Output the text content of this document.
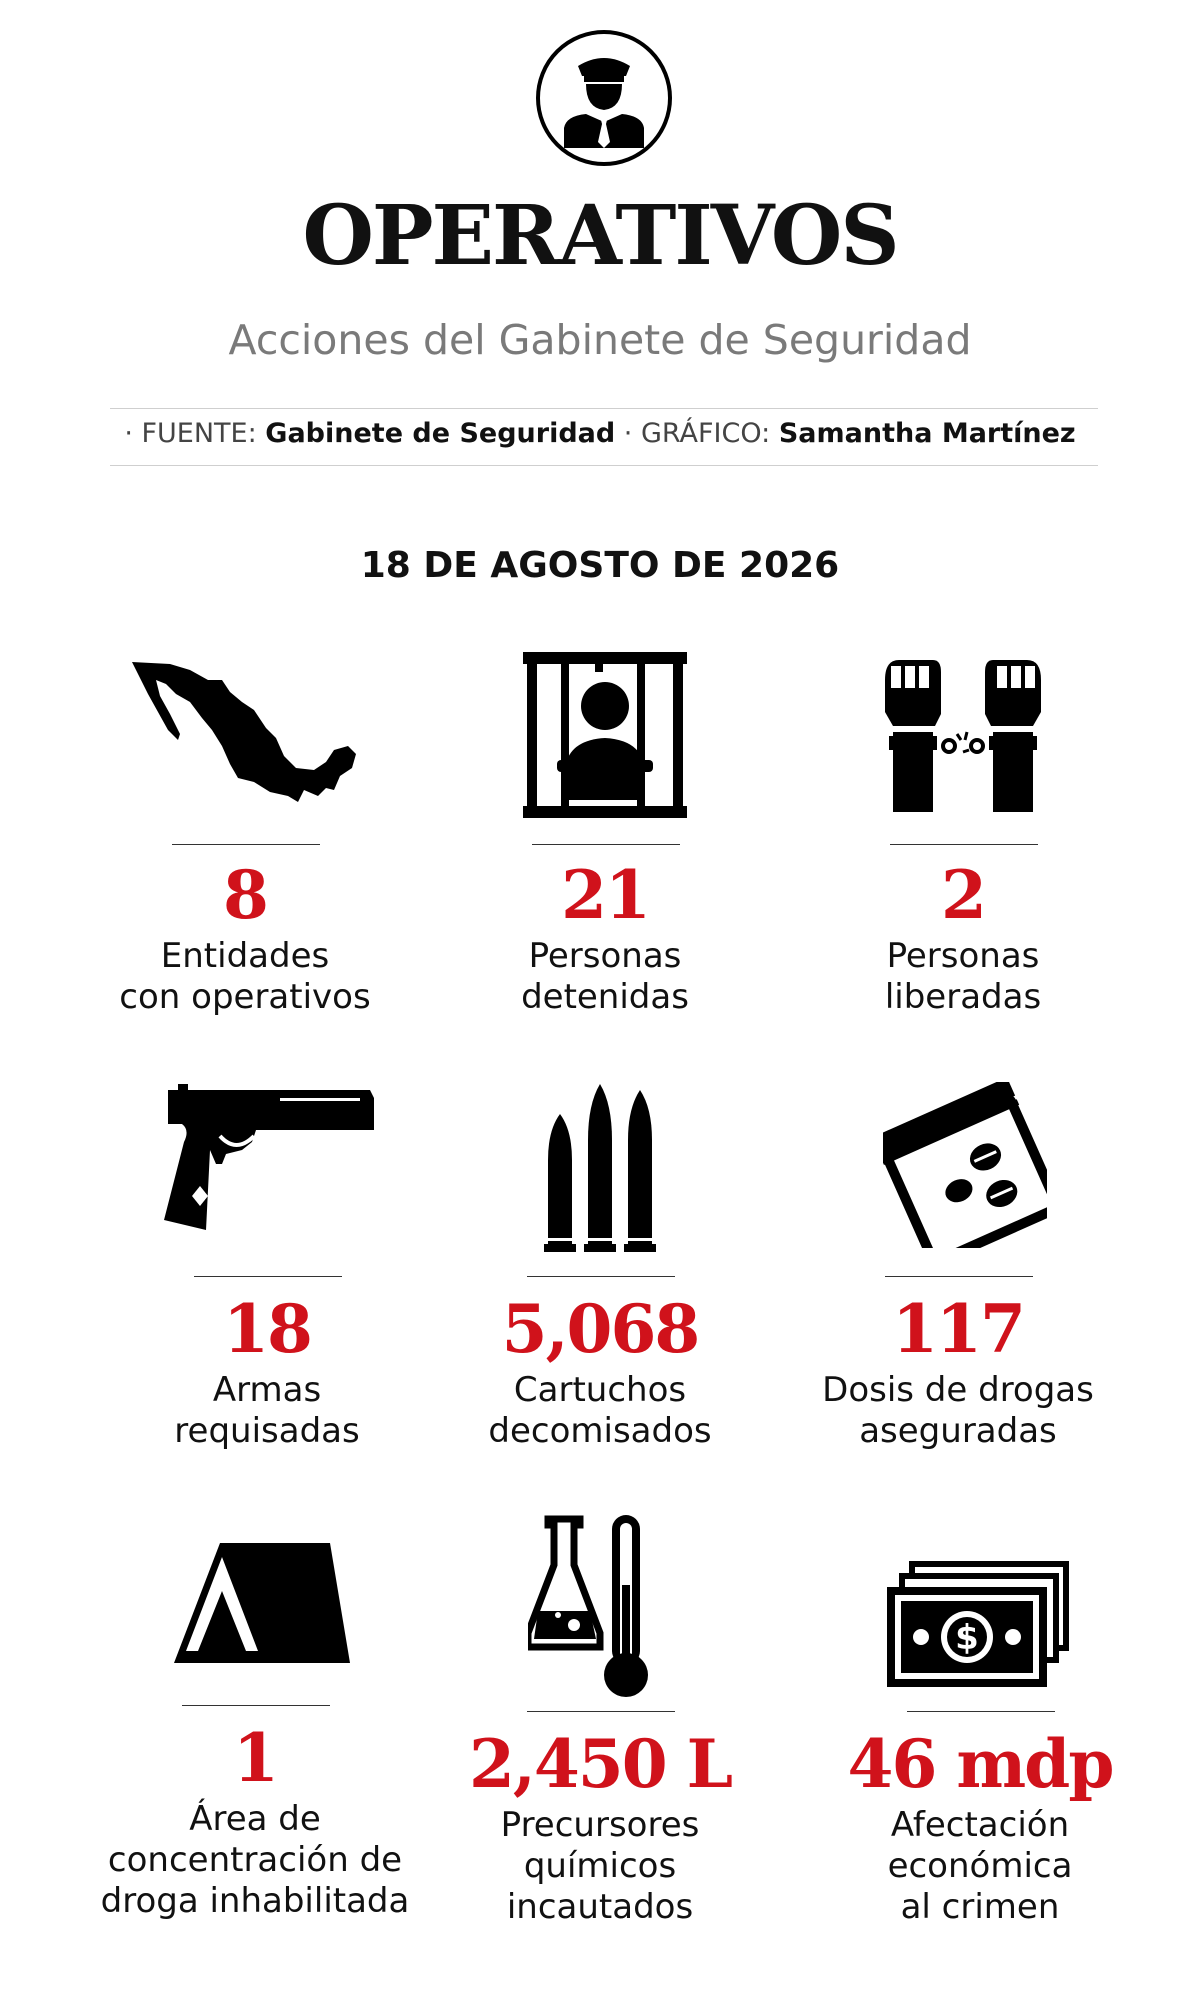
OPERATIVOS
Acciones del Gabinete de Seguridad
· FUENTE: Gabinete de Seguridad · GRÁFICO: Samantha Martínez
18 DE AGOSTO DE 2026
8
Entidades
con operativos
21
Personas
detenidas
2
Personas
liberadas
18
Armas
requisadas
5,068
Cartuchos
decomisados
117
Dosis de drogas
aseguradas
1
Área de
concentración de
droga inhabilitada
2,450 L
Precursores
químicos
incautados
$
46 mdp
Afectación
económica
al crimen
